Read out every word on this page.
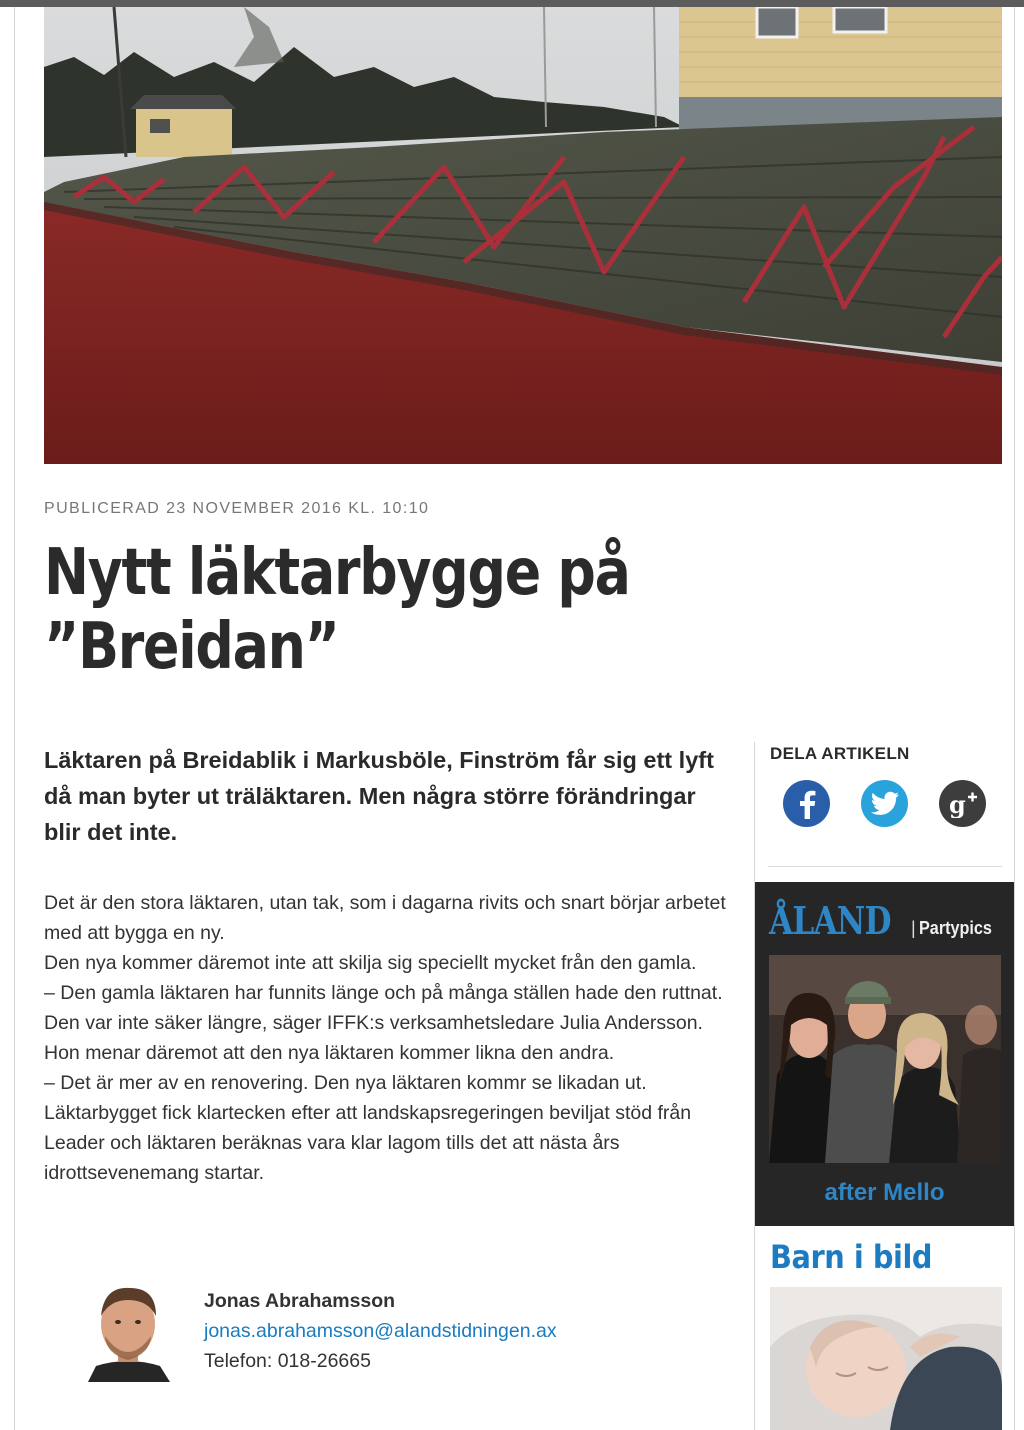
PUBLICERAD 23 NOVEMBER 2016 KL. 10:10
Nytt läktarbygge på
”Breidan”
Läktaren på Breidablik i Markusböle, Finström får sig ett lyft då man byter ut träläktaren. Men några större förändringar blir det inte.

Det är den stora läktaren, utan tak, som i dagarna rivits och snart börjar arbetet med att bygga en ny.

Den nya kommer däremot inte att skilja sig speciellt mycket från den gamla.

– Den gamla läktaren har funnits länge och på många ställen hade den ruttnat. Den var inte säker längre, säger IFFK:s verksamhetsledare Julia Andersson.

Hon menar däremot att den nya läktaren kommer likna den andra.

– Det är mer av en renovering. Den nya läktaren kommr se likadan ut.

Läktarbygget fick klartecken efter att landskapsregeringen beviljat stöd från Leader och läktaren beräknas vara klar lagom tills det att nästa års idrottsevenemang startar.

Jonas Abrahamsson
jonas.abrahamsson@alandstidningen.ax
Telefon: 018-26665
DELA ARTIKELN
g
ÅLAND | Partypics
after Mello
Barn i bild
